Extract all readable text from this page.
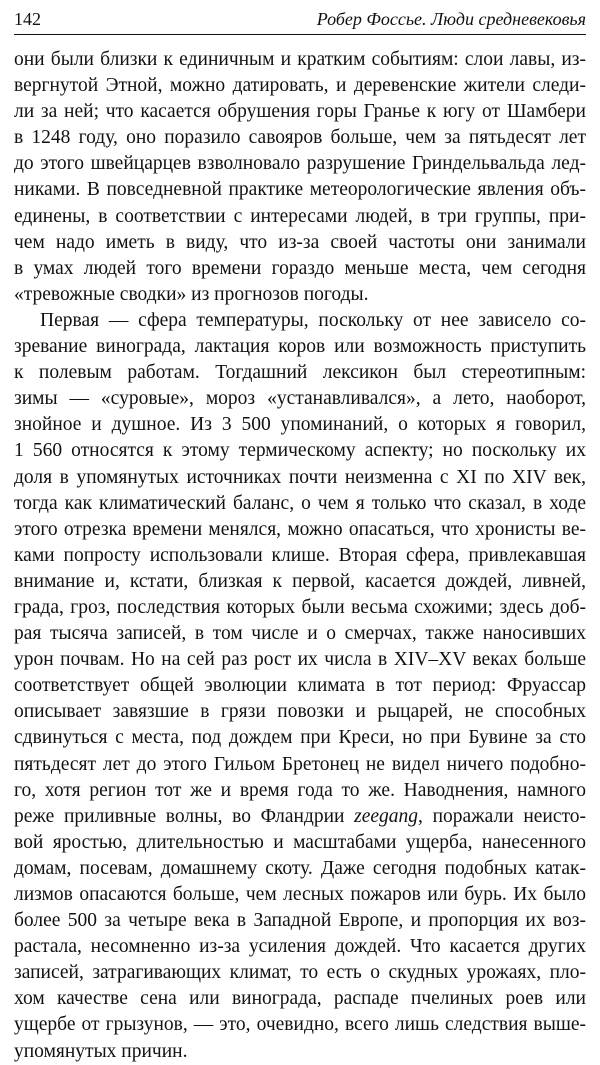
142	Робер Фоссье. Люди средневековья
они были близки к единичным и кратким событиям: слои лавы, из-
вергнутой Этной, можно датировать, и деревенские жители следи-
ли за ней; что касается обрушения горы Гранье к югу от Шамбери
в 1248 году, оно поразило савояров больше, чем за пятьдесят лет
до этого швейцарцев взволновало разрушение Гриндельвальда лед-
никами. В повседневной практике метеорологические явления объ-
единены, в соответствии с интересами людей, в три группы, при-
чем надо иметь в виду, что из-за своей частоты они занимали
в умах людей того времени гораздо меньше места, чем сегодня
«тревожные сводки» из прогнозов погоды.
Первая — сфера температуры, поскольку от нее зависело со-
зревание винограда, лактация коров или возможность приступить
к полевым работам. Тогдашний лексикон был стереотипным:
зимы — «суровые», мороз «устанавливался», а лето, наоборот,
знойное и душное. Из 3 500 упоминаний, о которых я говорил,
1 560 относятся к этому термическому аспекту; но поскольку их
доля в упомянутых источниках почти неизменна с XI по XIV век,
тогда как климатический баланс, о чем я только что сказал, в ходе
этого отрезка времени менялся, можно опасаться, что хронисты ве-
ками попросту использовали клише. Вторая сфера, привлекавшая
внимание и, кстати, близкая к первой, касается дождей, ливней,
града, гроз, последствия которых были весьма схожими; здесь доб-
рая тысяча записей, в том числе и о смерчах, также наносивших
урон почвам. Но на сей раз рост их числа в XIV–XV веках больше
соответствует общей эволюции климата в тот период: Фруассар
описывает завязшие в грязи повозки и рыцарей, не способных
сдвинуться с места, под дождем при Креси, но при Бувине за сто
пятьдесят лет до этого Гильом Бретонец не видел ничего подобно-
го, хотя регион тот же и время года то же. Наводнения, намного
реже приливные волны, во Фландрии zeegang, поражали неисто-
вой яростью, длительностью и масштабами ущерба, нанесенного
домам, посевам, домашнему скоту. Даже сегодня подобных катак-
лизмов опасаются больше, чем лесных пожаров или бурь. Их было
более 500 за четыре века в Западной Европе, и пропорция их воз-
растала, несомненно из-за усиления дождей. Что касается других
записей, затрагивающих климат, то есть о скудных урожаях, пло-
хом качестве сена или винограда, распаде пчелиных роев или
ущербе от грызунов, — это, очевидно, всего лишь следствия выше-
упомянутых причин.
